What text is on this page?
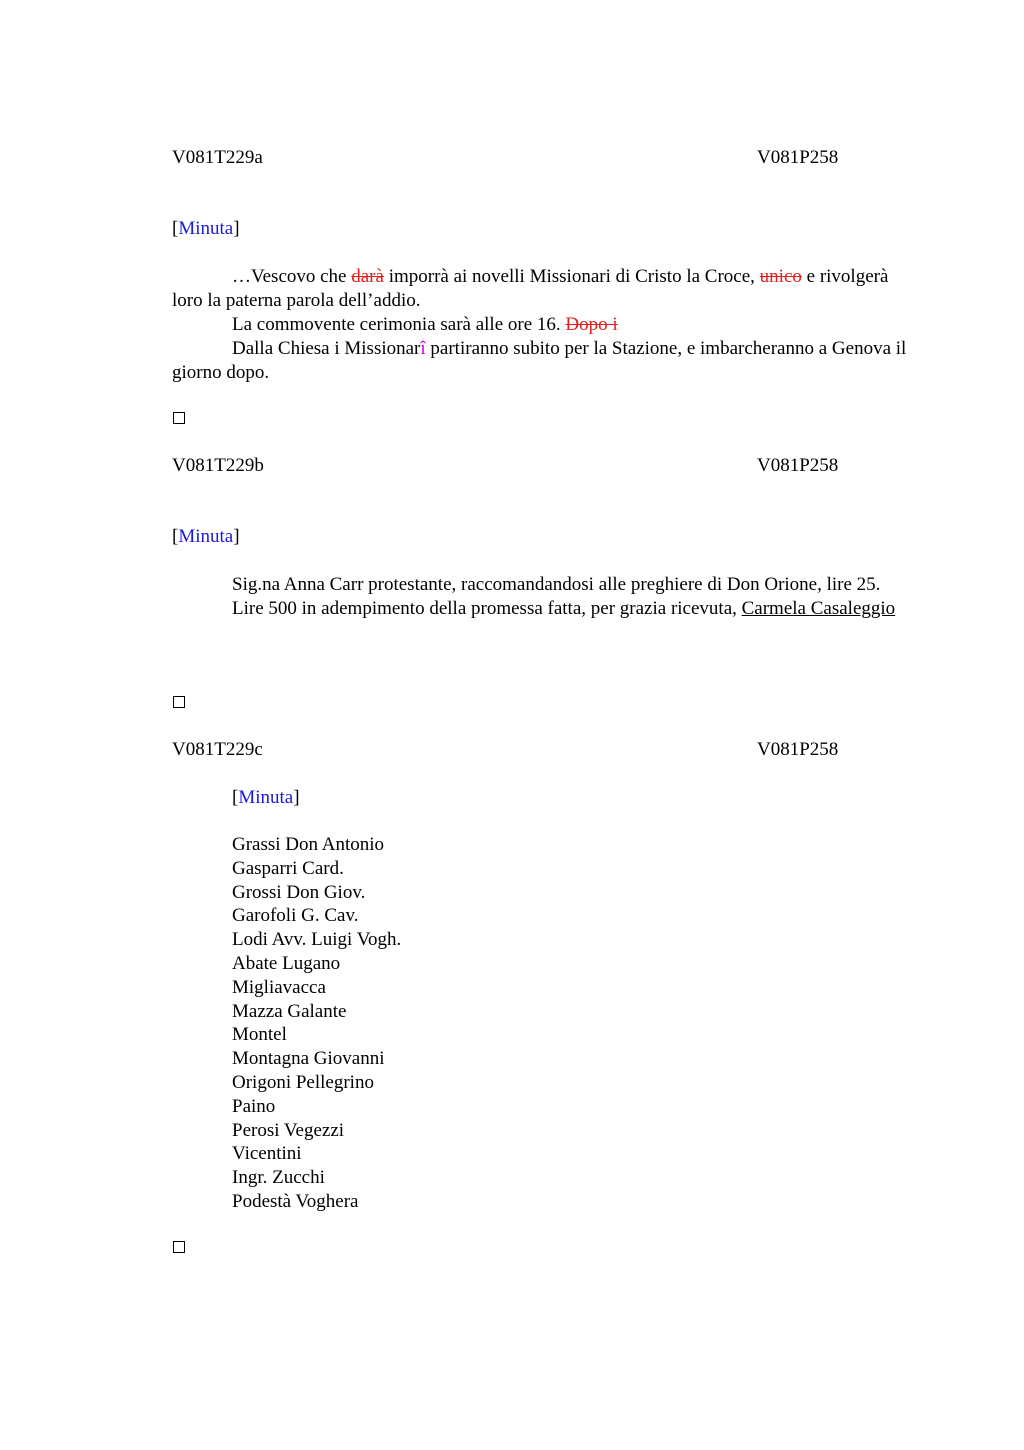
V081T229a	V081P258
[Minuta]

…Vescovo che darà imporrà ai novelli Missionari di Cristo la Croce, unico e rivolgerà loro la paterna parola dell’addio.

La commovente cerimonia sarà alle ore 16. Dopo i

Dalla Chiesa i Missionarî partiranno subito per la Stazione, e imbarcheranno a Genova il giorno dopo.

V081T229b	V081P258
[Minuta]

Sig.na Anna Carr protestante, raccomandandosi alle preghiere di Don Orione, lire 25.

Lire 500 in adempimento della promessa fatta, per grazia ricevuta, Carmela Casaleggio

V081T229c	V081P258
[Minuta]
Grassi Don Antonio
Gasparri Card.
Grossi Don Giov.
Garofoli G. Cav.
Lodi Avv. Luigi Vogh.
Abate Lugano
Migliavacca
Mazza Galante
Montel
Montagna Giovanni
Origoni Pellegrino
Paino
Perosi Vegezzi
Vicentini
Ingr. Zucchi
Podestà Voghera
